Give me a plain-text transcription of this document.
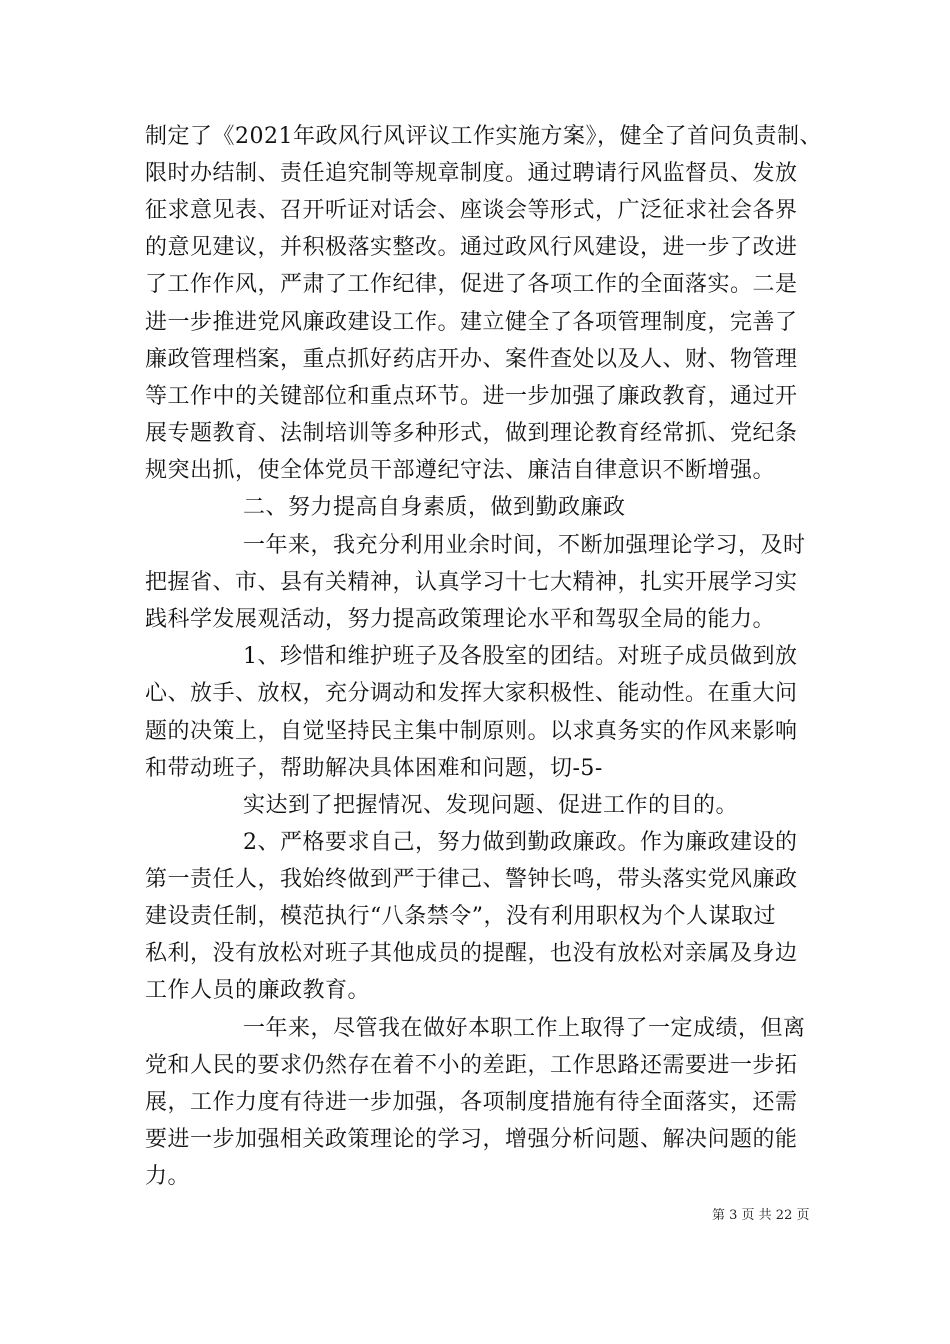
制定了《2021年政风行风评议工作实施方案》，健全了首问负责制、
限时办结制、责任追究制等规章制度。通过聘请行风监督员、发放
征求意见表、召开听证对话会、座谈会等形式，广泛征求社会各界
的意见建议，并积极落实整改。通过政风行风建设，进一步了改进
了工作作风，严肃了工作纪律，促进了各项工作的全面落实。二是
进一步推进党风廉政建设工作。建立健全了各项管理制度，完善了
廉政管理档案，重点抓好药店开办、案件查处以及人、财、物管理
等工作中的关键部位和重点环节。进一步加强了廉政教育，通过开
展专题教育、法制培训等多种形式，做到理论教育经常抓、党纪条
规突出抓，使全体党员干部遵纪守法、廉洁自律意识不断增强。
二、努力提高自身素质，做到勤政廉政
一年来，我充分利用业余时间，不断加强理论学习，及时
把握省、市、县有关精神，认真学习十七大精神，扎实开展学习实
践科学发展观活动，努力提高政策理论水平和驾驭全局的能力。
1、珍惜和维护班子及各股室的团结。对班子成员做到放
心、放手、放权，充分调动和发挥大家积极性、能动性。在重大问
题的决策上，自觉坚持民主集中制原则。以求真务实的作风来影响
和带动班子，帮助解决具体困难和问题，切-5-
实达到了把握情况、发现问题、促进工作的目的。
2、严格要求自己，努力做到勤政廉政。作为廉政建设的
第一责任人，我始终做到严于律己、警钟长鸣，带头落实党风廉政
建设责任制，模范执行“八条禁令”，没有利用职权为个人谋取过
私利，没有放松对班子其他成员的提醒，也没有放松对亲属及身边
工作人员的廉政教育。
一年来，尽管我在做好本职工作上取得了一定成绩，但离
党和人民的要求仍然存在着不小的差距，工作思路还需要进一步拓
展，工作力度有待进一步加强，各项制度措施有待全面落实，还需
要进一步加强相关政策理论的学习，增强分析问题、解决问题的能
力。
第 3 页 共 22 页
